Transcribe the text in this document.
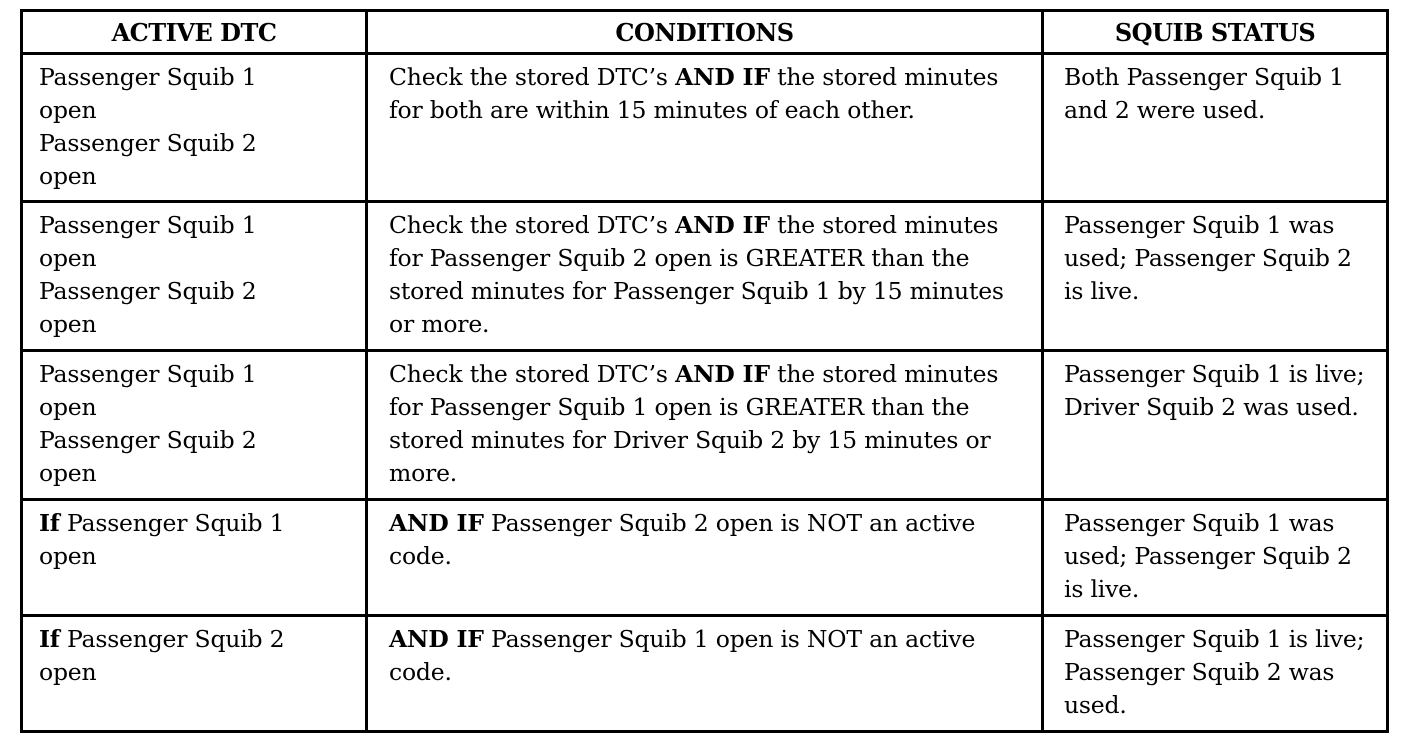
ACTIVE DTC	CONDITIONS	SQUIB STATUS

Passenger Squib 1
open
Passenger Squib 2
open	Check the stored DTC’s AND IF the stored minutes for both are within 15 minutes of each other.	Both Passenger Squib 1 and 2 were used.

Passenger Squib 1
open
Passenger Squib 2
open	Check the stored DTC’s AND IF the stored minutes for Passenger Squib 2 open is GREATER than the stored minutes for Passenger Squib 1 by 15 minutes or more.	Passenger Squib 1 was used; Passenger Squib 2 is live.

Passenger Squib 1
open
Passenger Squib 2
open	Check the stored DTC’s AND IF the stored minutes for Passenger Squib 1 open is GREATER than the stored minutes for Driver Squib 2 by 15 minutes or more.	Passenger Squib 1 is live; Driver Squib 2 was used.

If Passenger Squib 1
open	AND IF Passenger Squib 2 open is NOT an active code.	Passenger Squib 1 was used; Passenger Squib 2 is live.

If Passenger Squib 2
open	AND IF Passenger Squib 1 open is NOT an active code.	Passenger Squib 1 is live; Passenger Squib 2 was used.
